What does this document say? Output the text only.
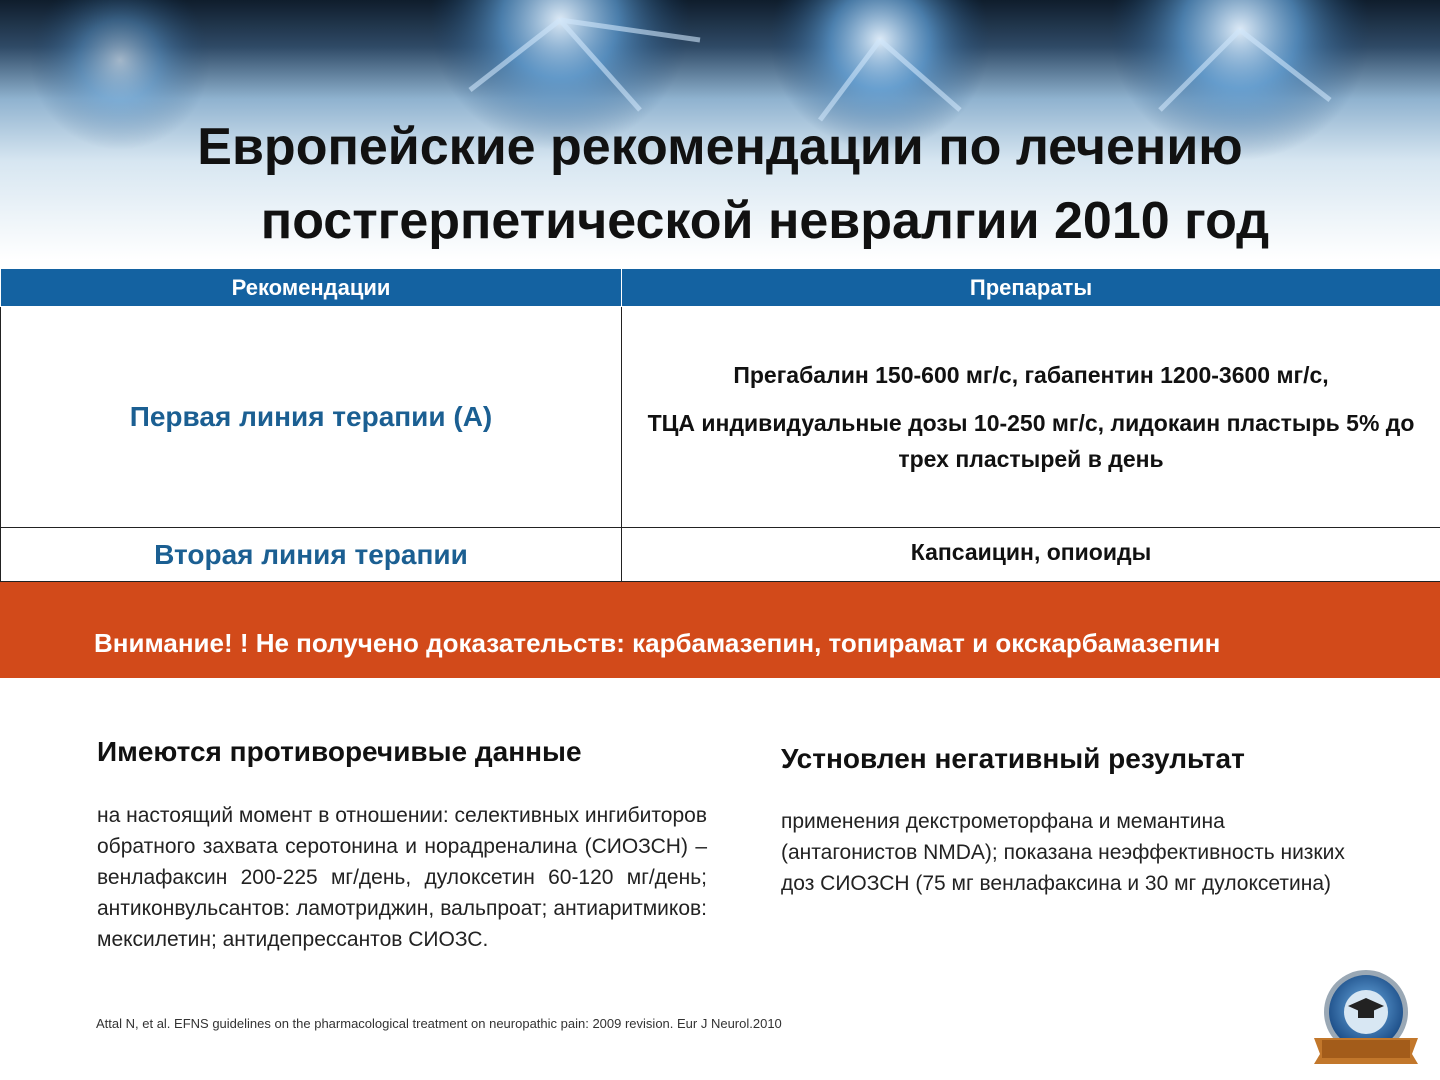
Европейские рекомендации по лечению
постгерпетической невралгии 2010 год
Рекомендации	Препараты
Первая линия терапии (А)	Прегабалин 150-600 мг/с, габапентин 1200-3600 мг/с,

ТЦА индивидуальные дозы 10-250 мг/с, лидокаин пластырь 5% до трех пластырей в день

Вторая линия терапии	Капсаицин, опиоиды

Внимание! ! Не получено доказательств: карбамазепин, топирамат и окскарбамазепин
Имеются противоречивые данные

на настоящий момент в отношении: селективных ингибиторов обратного захвата серотонина и норадреналина (СИОЗСН) – венлафаксин 200-225 мг/день, дулоксетин 60-120 мг/день; антиконвульсантов: ламотриджин, вальпроат; антиаритмиков: мексилетин; антидепрессантов СИОЗС.

Устновлен негативный результат

применения декстрометорфана и мемантина (антагонистов NMDA); показана неэффективность низких доз СИОЗСН (75 мг венлафаксина и 30 мг дулоксетина)

Attal N, et al. EFNS guidelines on the pharmacological treatment on neuropathic pain: 2009 revision. Eur J Neurol.2010
